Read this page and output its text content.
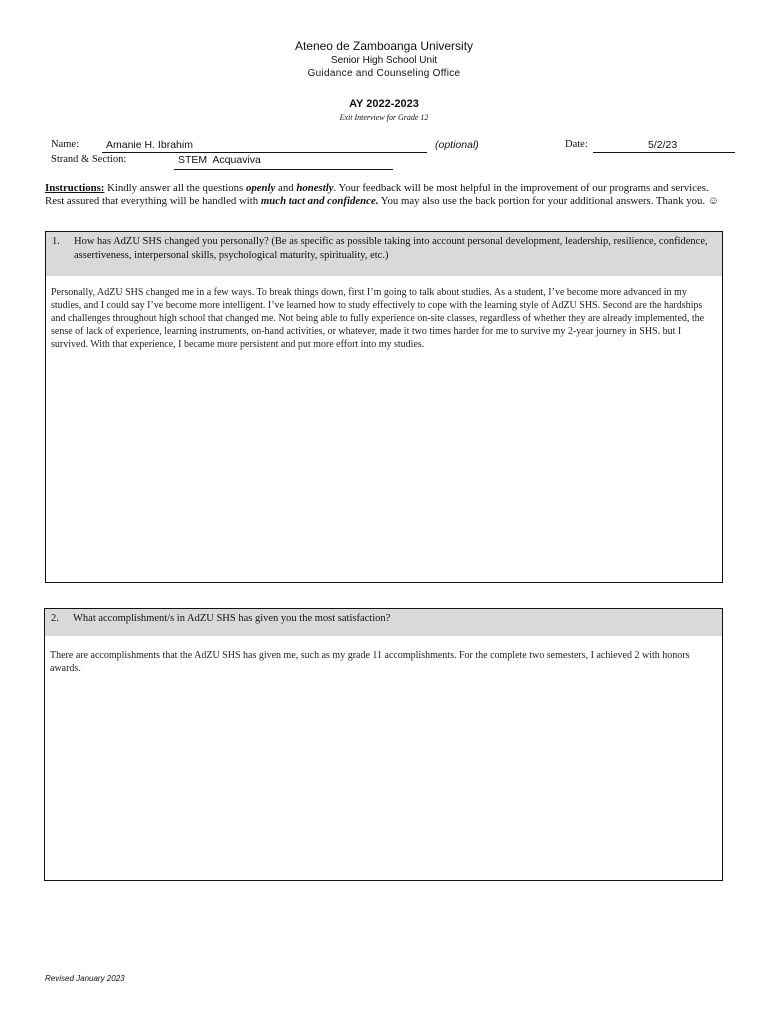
Ateneo de Zamboanga University
Senior High School Unit
Guidance and Counseling Office
AY 2022-2023
Exit Interview for Grade 12
Name:	Amanie H. Ibrahim	(optional)	Date:	5/2/23
Strand & Section:	STEM  Acquaviva
Instructions: Kindly answer all the questions openly and honestly. Your feedback will be most helpful in the improvement of our programs and services. Rest assured that everything will be handled with much tact and confidence. You may also use the back portion for your additional answers. Thank you. ☺
1. How has AdZU SHS changed you personally? (Be as specific as possible taking into account personal development, leadership, resilience, confidence, assertiveness, interpersonal skills, psychological maturity, spirituality, etc.)
Personally, AdZU SHS changed me in a few ways. To break things down, first I’m going to talk about studies. As a student, I’ve become more advanced in my studies, and I could say I’ve become more intelligent. I’ve learned how to study effectively to cope with the learning style of AdZU SHS. Second are the hardships and challenges throughout high school that changed me. Not being able to fully experience on-site classes, regardless of whether they are already implemented, the sense of lack of experience, learning instruments, on-hand activities, or whatever, made it two times harder for me to survive my 2-year journey in SHS. but I survived. With that experience, I became more persistent and put more effort into my studies.
2. What accomplishment/s in AdZU SHS has given you the most satisfaction?
There are accomplishments that the AdZU SHS has given me, such as my grade 11 accomplishments. For the complete two semesters, I achieved 2 with honors awards.
Revised January 2023
